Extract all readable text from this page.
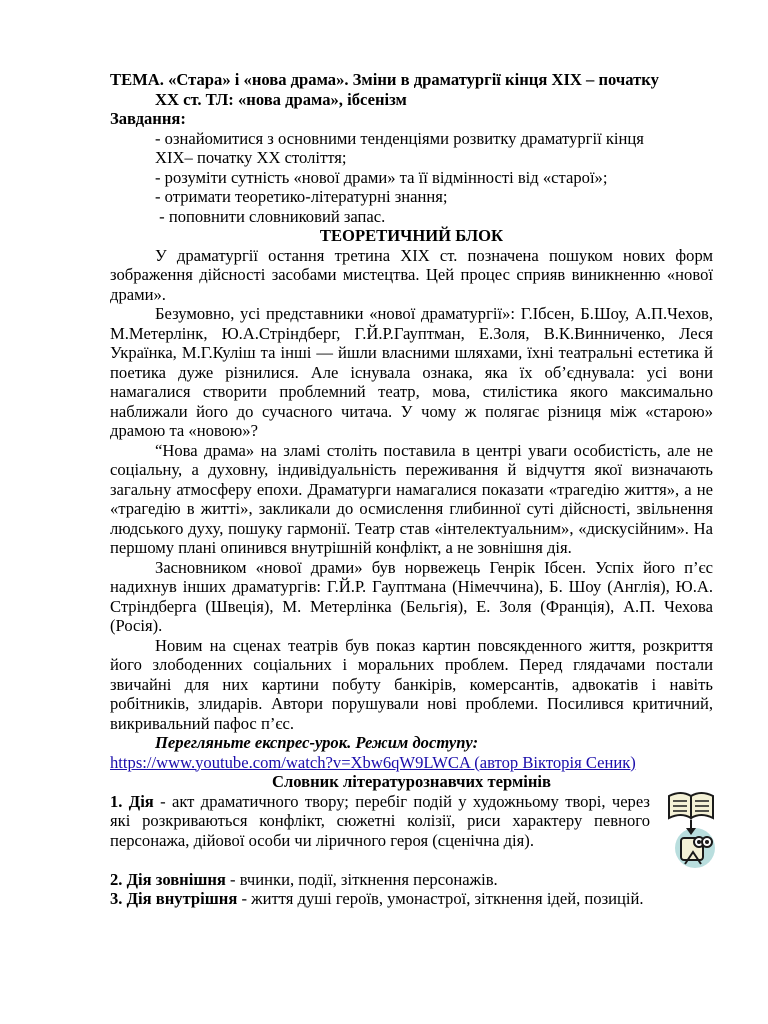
ТЕМА. «Стара» і «нова драма». Зміни в драматургії кінця ХІХ – початку
ХХ ст. ТЛ: «нова драма», ібсенізм

Завдання:

- ознайомитися з основними тенденціями розвитку драматургії кінця
ХІХ– початку ХХ століття;

- розуміти сутність «нової драми» та її відмінності від «старої»;

- отримати теоретико-літературні знання;

- поповнити словниковий запас.

ТЕОРЕТИЧНИЙ БЛОК

У драматургії остання третина ХІХ ст. позначена пошуком нових форм зображення дійсності засобами мистецтва. Цей процес сприяв виникненню «нової драми».

Безумовно, усі представники «нової драматургії»: Г.Ібсен, Б.Шоу, А.П.Чехов, М.Метерлінк, Ю.А.Стріндберг, Г.Й.Р.Гауптман, Е.Золя, В.К.Винниченко, Леся Українка, М.Г.Куліш та інші — йшли власними шляхами, їхні театральні естетика й поетика дуже різнилися. Але існувала ознака, яка їх об’єднувала: усі вони намагалися створити проблемний театр, мова, стилістика якого максимально наближали його до сучасного читача. У чому ж полягає різниця між «старою» драмою та «новою»?

“Нова драма» на зламі століть поставила в центрі уваги особистість, але не соціальну, а духовну, індивідуальність переживання й відчуття якої визначають загальну атмосферу епохи. Драматурги намагалися показати «трагедію життя», а не «трагедію в житті», закликали до осмислення глибинної суті дійсності, звільнення людського духу, пошуку гармонії. Театр став «інтелектуальним», «дискусійним». На першому плані опинився внутрішній конфлікт, а не зовнішня дія.

Засновником «нової драми» був норвежець Генрік Ібсен. Успіх його п’єс надихнув інших драматургів: Г.Й.Р. Гауптмана (Німеччина), Б. Шоу (Англія), Ю.А. Стріндберга (Швеція), М. Метерлінка (Бельгія), Е. Золя (Франція), А.П. Чехова (Росія).

Новим на сценах театрів був показ картин повсякденного життя, розкриття його злободенних соціальних і моральних проблем. Перед глядачами постали звичайні для них картини побуту банкірів, комерсантів, адвокатів і навіть робітників, злидарів. Автори порушували нові проблеми. Посилився критичний, викривальний пафос п’єс.

Перегляньте експрес-урок. Режим доступу:

https://www.youtube.com/watch?v=Xbw6qW9LWCA (автор Вікторія Сеник)

Словник літературознавчих термінів

1. Дія - акт драматичного твору; перебіг подій у художньому творі, через які розкриваються конфлікт, сюжетні колізії, риси характеру певного персонажа, дійової особи чи ліричного героя (сценічна дія).

2. Дія зовнішня - вчинки, події, зіткнення персонажів.

3. Дія внутрішня - життя душі героїв, умонастрої, зіткнення ідей, позицій.
